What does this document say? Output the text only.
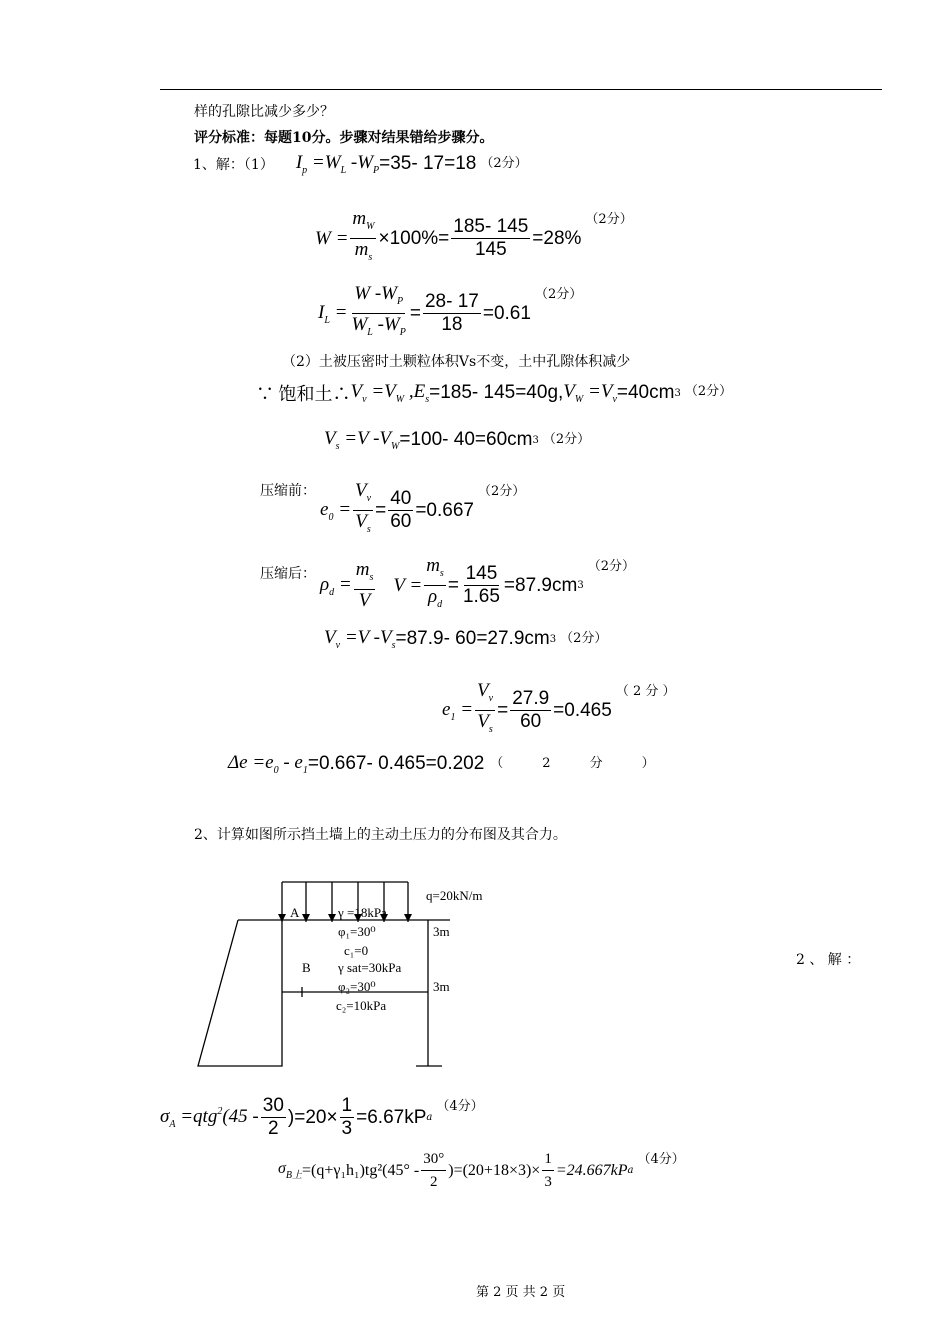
样的孔隙比减少多少？
评分标准：每题10分。步骤对结果错给步骤分。
1、解：（1） $I_p =W_L$ $-W_P =35-$ 17=18 （2分）
$W = \frac{m_W}{m_s} \times 100\%= \frac{185- 145}{145} =28\%$
（2分）
$I_L = \frac{W -W_P}{W_L -W_P} = \frac{28- 17}{18} =0.61$
（2分）
（2）土被压密时土颗粒体积Vs不变，土中孔隙体积减少
∵ 饱和土∴ $V_v =V_W$ $,E_s =185-$ 145=40g, $V_W =V_v =40cm$ 3 （2分）
$V_s =V$ $-V_W =100-$ 40=60cm 3 （2分）
压缩前：
$e_0 = \frac{V_v}{V_s} = \frac{40}{60} =0.667$
（2分）
压缩后： $\rho_d = \frac{m_s}{V}$ $V = \frac{m_s}{\rho_d} = \frac{145}{1.65} =87.9cm$ 3
（2分）
$V_v =V$ $-V_s =87.9-$ 60=27.9cm 3 （2分）
$e_1 = \frac{V_v}{V_s} = \frac{27.9}{60} =0.465$
（ 2 分 ）
$\Delta e =e_0 - e_1 =0.667-$ 0.465=0.202 （　　　2　　　分　　　）
2、计算如图所示挡土墙上的主动土压力的分布图及其合力。
q=20kN/m
A	γ =18kPa
φ₁=30⁰
c₁=0
B γ sat=30kPa
φ₂=30⁰
c₂=10kPa
3m
3m
2 、 解 ：
$\sigma_A =qtg^2(45 - \frac{30}{2} )=20\times \frac{1}{3} =6.67kP$ a
（4分）
$\sigma_{B上} =(q+\gamma_1h_1)tg^2(45^\circ - \frac{30^\circ}{2} )=(20+18\times 3)\times \frac{1}{3} =24.667kP$ a
（4分）
第 2 页 共 2 页
